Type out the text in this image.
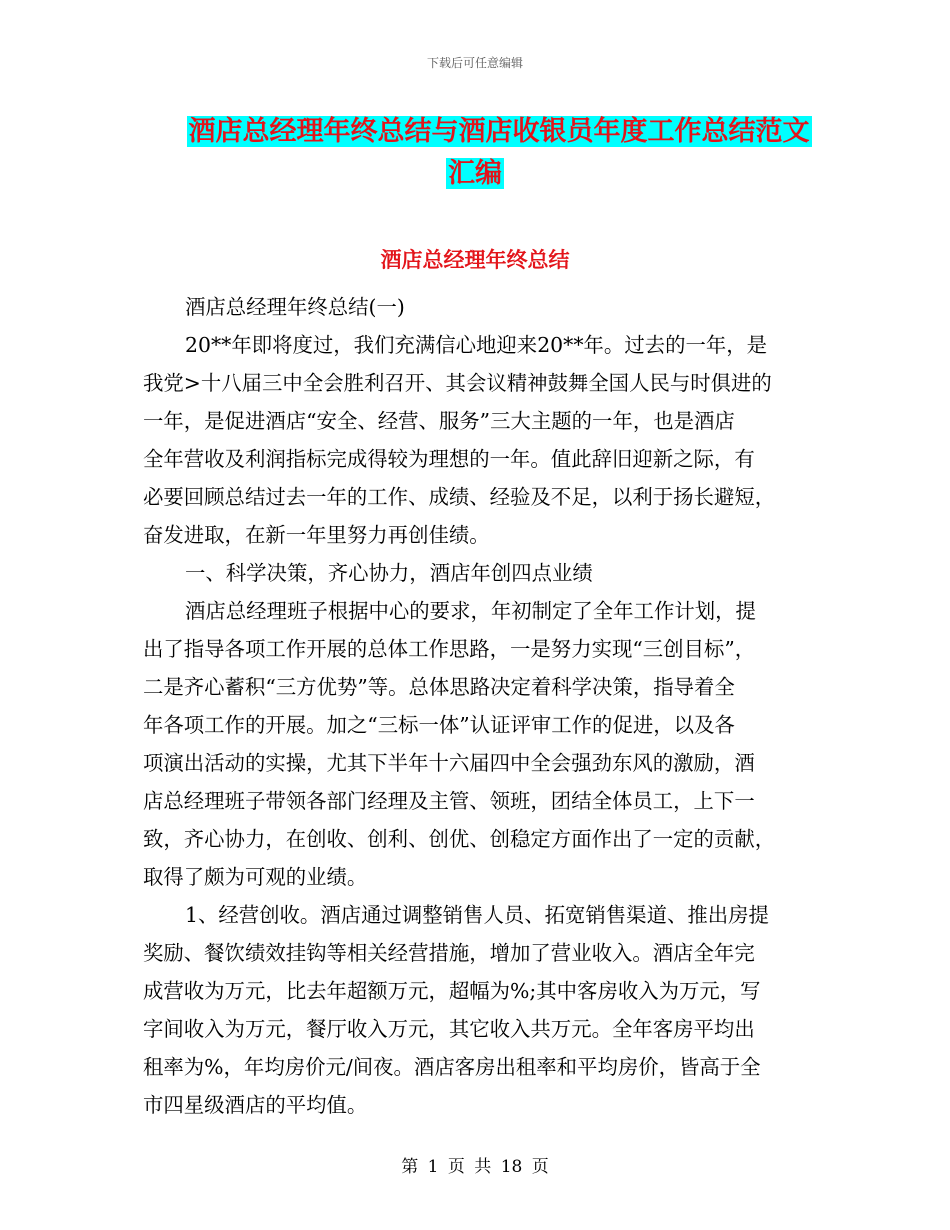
下载后可任意编辑
酒店总经理年终总结与酒店收银员年度工作总结范文
汇编
酒店总经理年终总结
酒店总经理年终总结(一)
20**年即将度过，我们充满信心地迎来20**年。过去的一年，是
我党>十八届三中全会胜利召开、其会议精神鼓舞全国人民与时俱进的
一年，是促进酒店“安全、经营、服务”三大主题的一年，也是酒店
全年营收及利润指标完成得较为理想的一年。值此辞旧迎新之际，有
必要回顾总结过去一年的工作、成绩、经验及不足，以利于扬长避短，
奋发进取，在新一年里努力再创佳绩。
一、科学决策，齐心协力，酒店年创四点业绩
酒店总经理班子根据中心的要求，年初制定了全年工作计划，提
出了指导各项工作开展的总体工作思路，一是努力实现“三创目标”，
二是齐心蓄积“三方优势”等。总体思路决定着科学决策，指导着全
年各项工作的开展。加之“三标一体”认证评审工作的促进，以及各
项演出活动的实操，尤其下半年十六届四中全会强劲东风的激励，酒
店总经理班子带领各部门经理及主管、领班，团结全体员工，上下一
致，齐心协力，在创收、创利、创优、创稳定方面作出了一定的贡献，
取得了颇为可观的业绩。
1、经营创收。酒店通过调整销售人员、拓宽销售渠道、推出房提
奖励、餐饮绩效挂钩等相关经营措施，增加了营业收入。酒店全年完
成营收为万元，比去年超额万元，超幅为%;其中客房收入为万元，写
字间收入为万元，餐厅收入万元，其它收入共万元。全年客房平均出
租率为%，年均房价元/间夜。酒店客房出租率和平均房价，皆高于全
市四星级酒店的平均值。
第 1 页 共 18 页
